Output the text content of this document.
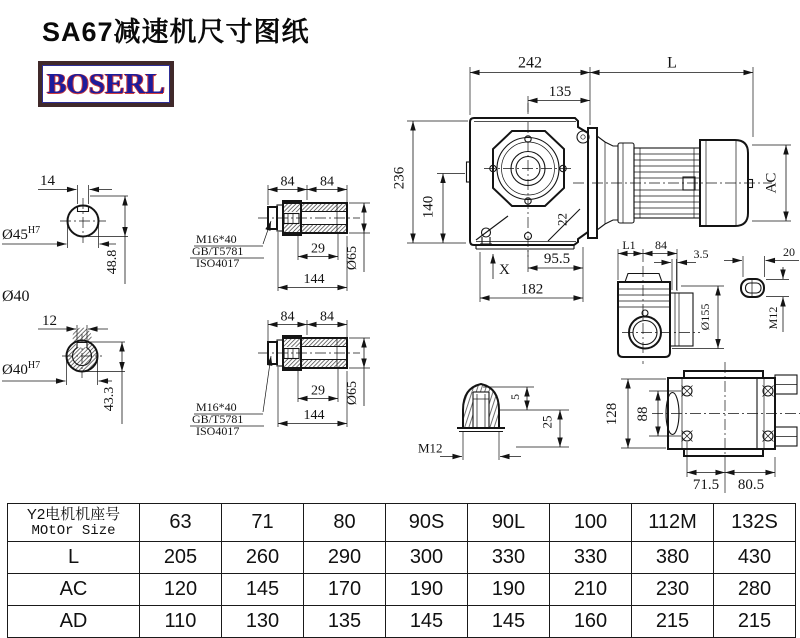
SA67减速机尺寸图纸
BOSERL
14
$Ø45^{H7}$
48.8
Ø40
12
$Ø40^{H7}$
43.3
84 84
29
144
Ø65
M16*40
GB/T5781
ISO4017
84 84
29
144
Ø65
M16*40
GB/T5781
ISO4017
22
242	L
135
236
140
95.5
182
X
AC
L1 84
3.5
Ø155
20
M12
5
25
M12
128 88
71.5 80.5
Y2电机机座号
MOtOr Size	63	71	80	90S	90L	100	112M	132S
L	205	260	290	300	330	330	380	430
AC	120	145	170	190	190	210	230	280
AD	110	130	135	145	145	160	215	215
